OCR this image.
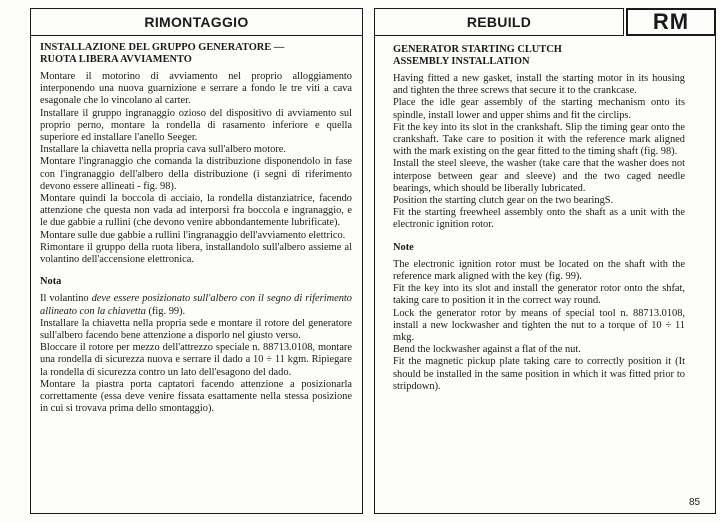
RIMONTAGGIO	REBUILD	RM
INSTALLAZIONE DEL GRUPPO GENERATORE —
RUOTA LIBERA AVVIAMENTO

Montare il motorino di avviamento nel proprio alloggiamento interponendo una nuova guarnizione e serrare a fondo le tre viti a cava esagonale che lo vincolano al carter.

Installare il gruppo ingranaggio ozioso del dispositivo di avviamento sul proprio perno, montare la rondella di rasamento inferiore e quella superiore ed installare l'anello Seeger.

Installare la chiavetta nella propria cava sull'albero motore.

Montare l'ingranaggio che comanda la distribuzione disponendolo in fase con l'ingranaggio dell'albero della distribuzione (i segni di riferimento devono essere allineati - fig. 98).

Montare quindi la boccola di acciaio, la rondella distanziatrice, facendo attenzione che questa non vada ad interporsi fra boccola e ingranaggio, e le due gabbie a rullini (che devono venire abbondantemente lubrificate).

Montare sulle due gabbie a rullini l'ingranaggio dell'avviamento elettrico.

Rimontare il gruppo della ruota libera, installandolo sull'albero assieme al volantino dell'accensione elettronica.

Nota

Il volantino deve essere posizionato sull'albero con il segno di riferimento allineato con la chiavetta (fig. 99).

Installare la chiavetta nella propria sede e montare il rotore del generatore sull'albero facendo bene attenzione a disporlo nel giusto verso.

Bloccare il rotore per mezzo dell'attrezzo speciale n. 88713.0108, montare una rondella di sicurezza nuova e serrare il dado a 10 ÷ 11 kgm. Ripiegare la rondella di sicurezza contro un lato dell'esagono del dado.

Montare la piastra porta captatori facendo attenzione a posizionarla correttamente (essa deve venire fissata esattamente nella stessa posizione in cui si trovava prima dello smontaggio).

GENERATOR STARTING CLUTCH
ASSEMBLY INSTALLATION

Having fitted a new gasket, install the starting motor in its housing and tighten the three screws that secure it to the crankcase.

Place the idle gear assembly of the starting mechanism onto its spindle, install lower and upper shims and fit the circlips.

Fit the key into its slot in the crankshaft. Slip the timing gear onto the crankshaft. Take care to position it with the reference mark aligned with the mark existing on the gear fitted to the timing shaft (fig. 98).

Install the steel sleeve, the washer (take care that the washer does not interpose between gear and sleeve) and the two caged needle bearings, which should be liberally lubricated.

Position the starting clutch gear on the two bearingS.

Fit the starting freewheel assembly onto the shaft as a unit with the electronic ignition rotor.

Note

The electronic ignition rotor must be located on the shaft with the reference mark aligned with the key (fig. 99).

Fit the key into its slot and install the generator rotor onto the shfat, taking care to position it in the correct way round.

Lock the generator rotor by means of special tool n. 88713.0108, install a new lockwasher and tighten the nut to a torque of 10 ÷ 11 mkg.

Bend the lockwasher against a flat of the nut.

Fit the magnetic pickup plate taking care to correctly position it (It should be installed in the same position in which it was fitted prior to stripdown).

85
